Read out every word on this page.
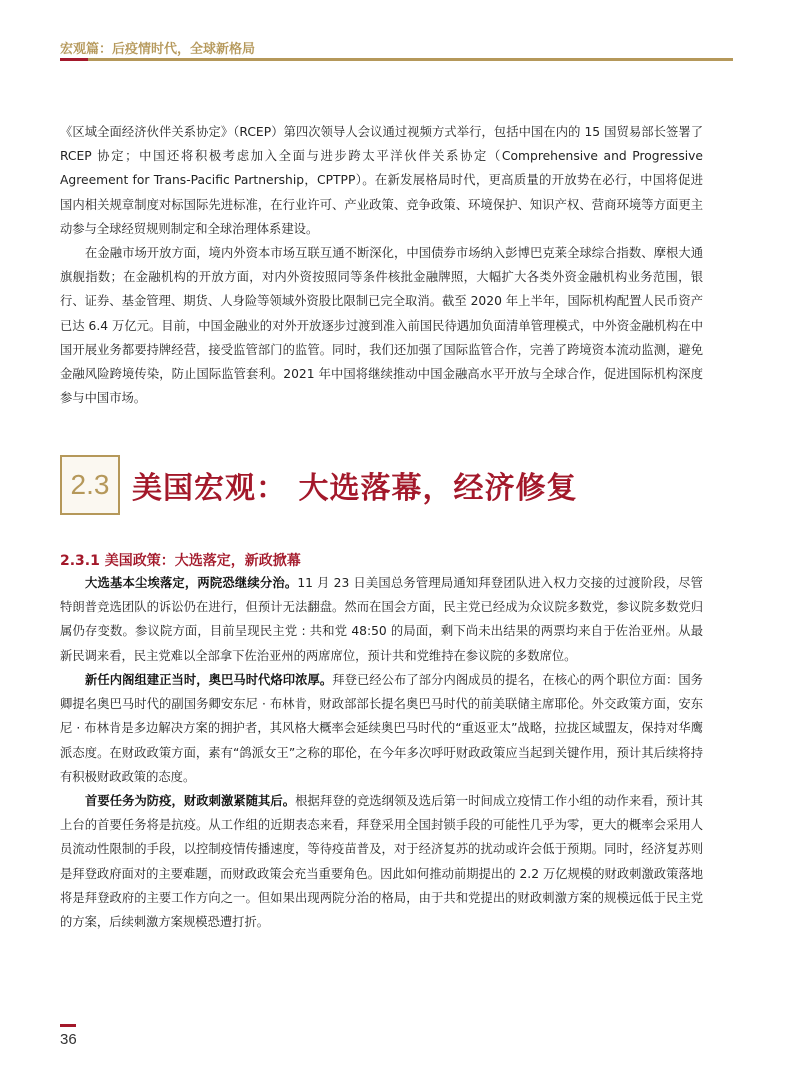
宏观篇：后疫情时代，全球新格局

《区域全面经济伙伴关系协定》（RCEP）第四次领导人会议通过视频方式举行，包括中国在内的 15 国贸易部长签署了 RCEP 协定；中国还将积极考虑加入全面与进步跨太平洋伙伴关系协定（Comprehensive and Progressive Agreement for Trans-Pacific Partnership，CPTPP）。在新发展格局时代，更高质量的开放势在必行，中国将促进国内相关规章制度对标国际先进标准，在行业许可、产业政策、竞争政策、环境保护、知识产权、营商环境等方面更主动参与全球经贸规则制定和全球治理体系建设。

在金融市场开放方面，境内外资本市场互联互通不断深化，中国债券市场纳入彭博巴克莱全球综合指数、摩根大通旗舰指数；在金融机构的开放方面，对内外资按照同等条件核批金融牌照，大幅扩大各类外资金融机构业务范围，银行、证券、基金管理、期货、人身险等领域外资股比限制已完全取消。截至 2020 年上半年，国际机构配置人民币资产已达 6.4 万亿元。目前，中国金融业的对外开放逐步过渡到准入前国民待遇加负面清单管理模式，中外资金融机构在中国开展业务都要持牌经营，接受监管部门的监管。同时，我们还加强了国际监管合作，完善了跨境资本流动监测，避免金融风险跨境传染，防止国际监管套利。2021 年中国将继续推动中国金融高水平开放与全球合作，促进国际机构深度参与中国市场。

2.3 美国宏观： 大选落幕，经济修复
2.3.1 美国政策：大选落定，新政掀幕

大选基本尘埃落定，两院恐继续分治。11 月 23 日美国总务管理局通知拜登团队进入权力交接的过渡阶段，尽管特朗普竞选团队的诉讼仍在进行，但预计无法翻盘。然而在国会方面，民主党已经成为众议院多数党，参议院多数党归属仍存变数。参议院方面，目前呈现民主党 : 共和党 48:50 的局面，剩下尚未出结果的两票均来自于佐治亚州。从最新民调来看，民主党难以全部拿下佐治亚州的两席席位，预计共和党维持在参议院的多数席位。

新任内阁组建正当时，奥巴马时代烙印浓厚。拜登已经公布了部分内阁成员的提名，在核心的两个职位方面：国务卿提名奥巴马时代的副国务卿安东尼 · 布林肯，财政部部长提名奥巴马时代的前美联储主席耶伦。外交政策方面，安东尼 · 布林肯是多边解决方案的拥护者，其风格大概率会延续奥巴马时代的“重返亚太”战略，拉拢区域盟友，保持对华鹰派态度。在财政政策方面，素有“鸽派女王”之称的耶伦，在今年多次呼吁财政政策应当起到关键作用，预计其后续将持有积极财政政策的态度。

首要任务为防疫，财政刺激紧随其后。根据拜登的竞选纲领及选后第一时间成立疫情工作小组的动作来看，预计其上台的首要任务将是抗疫。从工作组的近期表态来看，拜登采用全国封锁手段的可能性几乎为零，更大的概率会采用人员流动性限制的手段，以控制疫情传播速度，等待疫苗普及，对于经济复苏的扰动或许会低于预期。同时，经济复苏则是拜登政府面对的主要难题，而财政政策会充当重要角色。因此如何推动前期提出的 2.2 万亿规模的财政刺激政策落地将是拜登政府的主要工作方向之一。但如果出现两院分治的格局，由于共和党提出的财政刺激方案的规模远低于民主党的方案，后续刺激方案规模恐遭打折。

36
